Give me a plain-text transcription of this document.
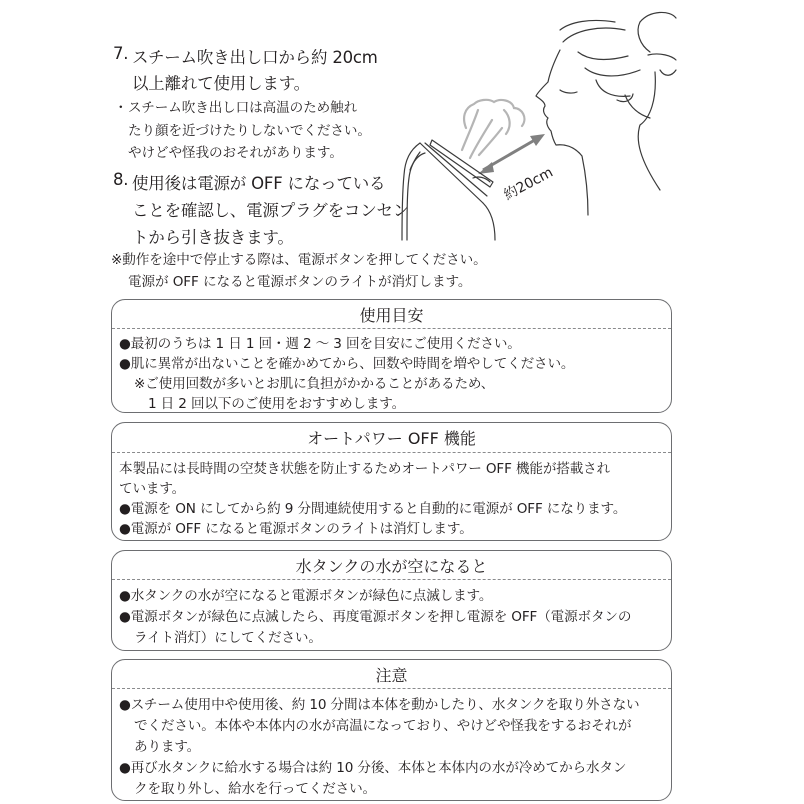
7. スチーム吹き出し口から約 20cm
以上離れて使用します。
・ スチーム吹き出し口は高温のため触れ
たり顔を近づけたりしないでください。
やけどや怪我のおそれがあります。
8. 使用後は電源が OFF になっている
ことを確認し、電源プラグをコンセン
トから引き抜きます。
※動作を途中で停止する際は、電源ボタンを押してください。
電源が OFF になると電源ボタンのライトが消灯します。
約20cm
使用目安
●最初のうちは 1 日 1 回・週 2 ～ 3 回を目安にご使用ください。
●肌に異常が出ないことを確かめてから、回数や時間を増やしてください。
※ご使用回数が多いとお肌に負担がかかることがあるため、
1 日 2 回以下のご使用をおすすめします。
オートパワー OFF 機能
本製品には長時間の空焚き状態を防止するためオートパワー OFF 機能が搭載され
ています。
●電源を ON にしてから約 9 分間連続使用すると自動的に電源が OFF になります。
●電源が OFF になると電源ボタンのライトは消灯します。
水タンクの水が空になると
●水タンクの水が空になると電源ボタンが緑色に点滅します。
●電源ボタンが緑色に点滅したら、再度電源ボタンを押し電源を OFF（電源ボタンの
ライト消灯）にしてください。
注意
●スチーム使用中や使用後、約 10 分間は本体を動かしたり、水タンクを取り外さない
でください。本体や本体内の水が高温になっており、やけどや怪我をするおそれが
あります。
●再び水タンクに給水する場合は約 10 分後、本体と本体内の水が冷めてから水タン
クを取り外し、給水を行ってください。
